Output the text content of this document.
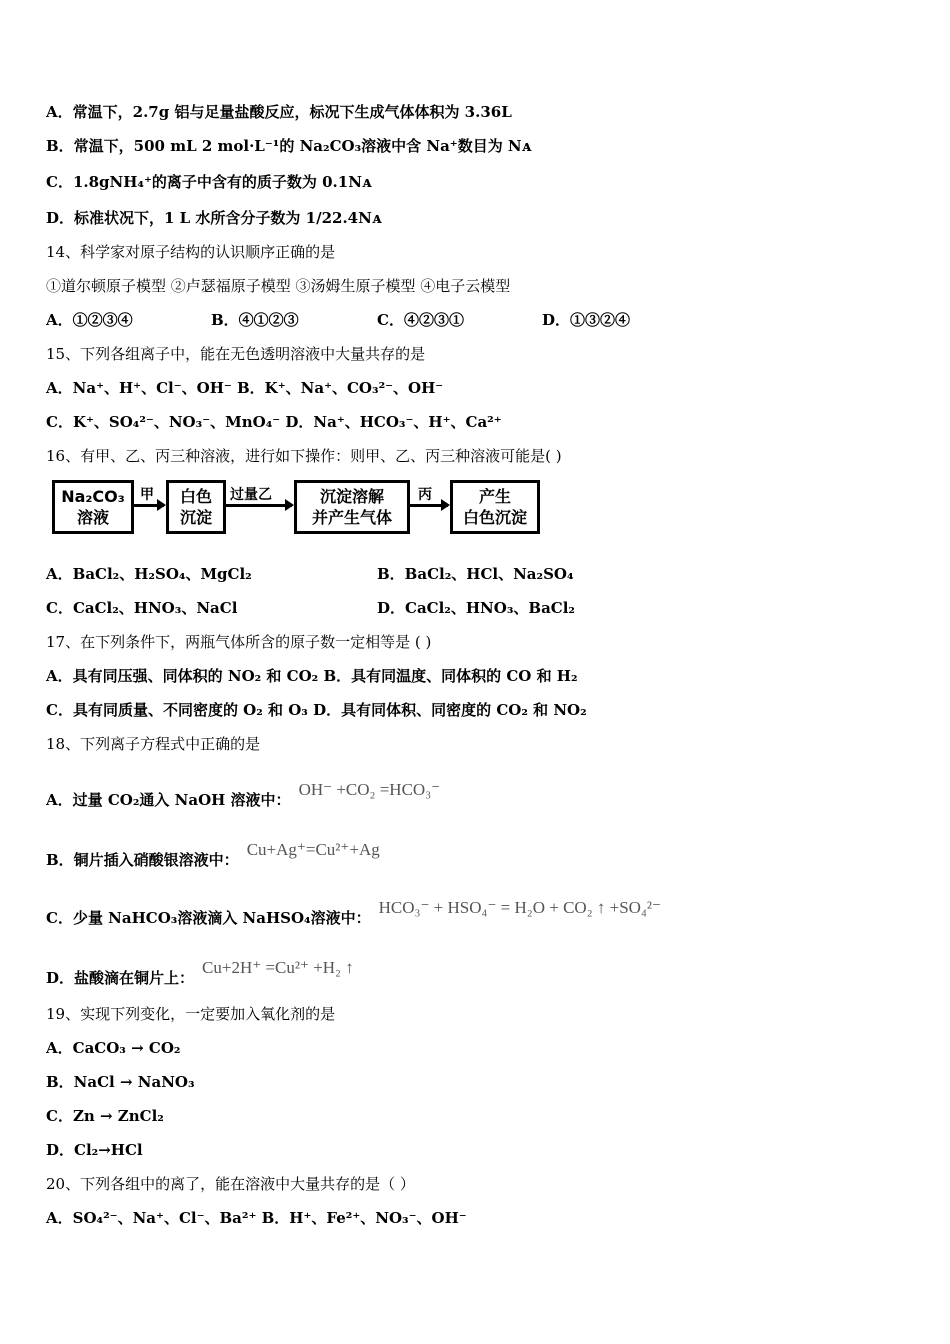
A．常温下，2.7g 铝与足量盐酸反应，标况下生成气体体积为 3.36L
B．常温下，500 mL 2 mol·L⁻¹的 Na₂CO₃溶液中含 Na⁺数目为 Nᴀ
C．1.8gNH₄⁺的离子中含有的质子数为 0.1Nᴀ
D．标准状况下，1 L 水所含分子数为 1/22.4Nᴀ
14、科学家对原子结构的认识顺序正确的是
①道尔顿原子模型 ②卢瑟福原子模型 ③汤姆生原子模型 ④电子云模型
A．①②③④	B．④①②③	C．④②③①	D．①③②④
15、下列各组离子中，能在无色透明溶液中大量共存的是
A．Na⁺、H⁺、Cl⁻、OH⁻ B．K⁺、Na⁺、CO₃²⁻、OH⁻
C．K⁺、SO₄²⁻、NO₃⁻、MnO₄⁻ D．Na⁺、HCO₃⁻、H⁺、Ca²⁺
16、有甲、乙、丙三种溶液，进行如下操作：则甲、乙、丙三种溶液可能是( )
Na₂CO₃
溶液
甲	白色
沉淀
过量乙	沉淀溶解
并产生气体
丙	产生
白色沉淀
A．BaCl₂、H₂SO₄、MgCl₂	B．BaCl₂、HCl、Na₂SO₄
C．CaCl₂、HNO₃、NaCl	D．CaCl₂、HNO₃、BaCl₂
17、在下列条件下，两瓶气体所含的原子数一定相等是 ( )
A．具有同压强、同体积的 NO₂ 和 CO₂ B．具有同温度、同体积的 CO 和 H₂
C．具有同质量、不同密度的 O₂ 和 O₃ D．具有同体积、同密度的 CO₂ 和 NO₂
18、下列离子方程式中正确的是
A．过量 CO₂通入 NaOH 溶液中：OH⁻ +CO₂ =HCO₃⁻
B．铜片插入硝酸银溶液中：Cu+Ag⁺=Cu²⁺+Ag
C．少量 NaHCO₃溶液滴入 NaHSO₄溶液中：HCO₃⁻ + HSO₄⁻ = H₂O + CO₂ ↑ +SO₄²⁻
D．盐酸滴在铜片上：Cu+2H⁺ =Cu²⁺ +H₂ ↑
19、实现下列变化，一定要加入氧化剂的是
A．CaCO₃ → CO₂
B．NaCl → NaNO₃
C．Zn → ZnCl₂
D．Cl₂→HCl
20、下列各组中的离了，能在溶液中大量共存的是（ ）
A．SO₄²⁻、Na⁺、Cl⁻、Ba²⁺ B．H⁺、Fe²⁺、NO₃⁻、OH⁻
